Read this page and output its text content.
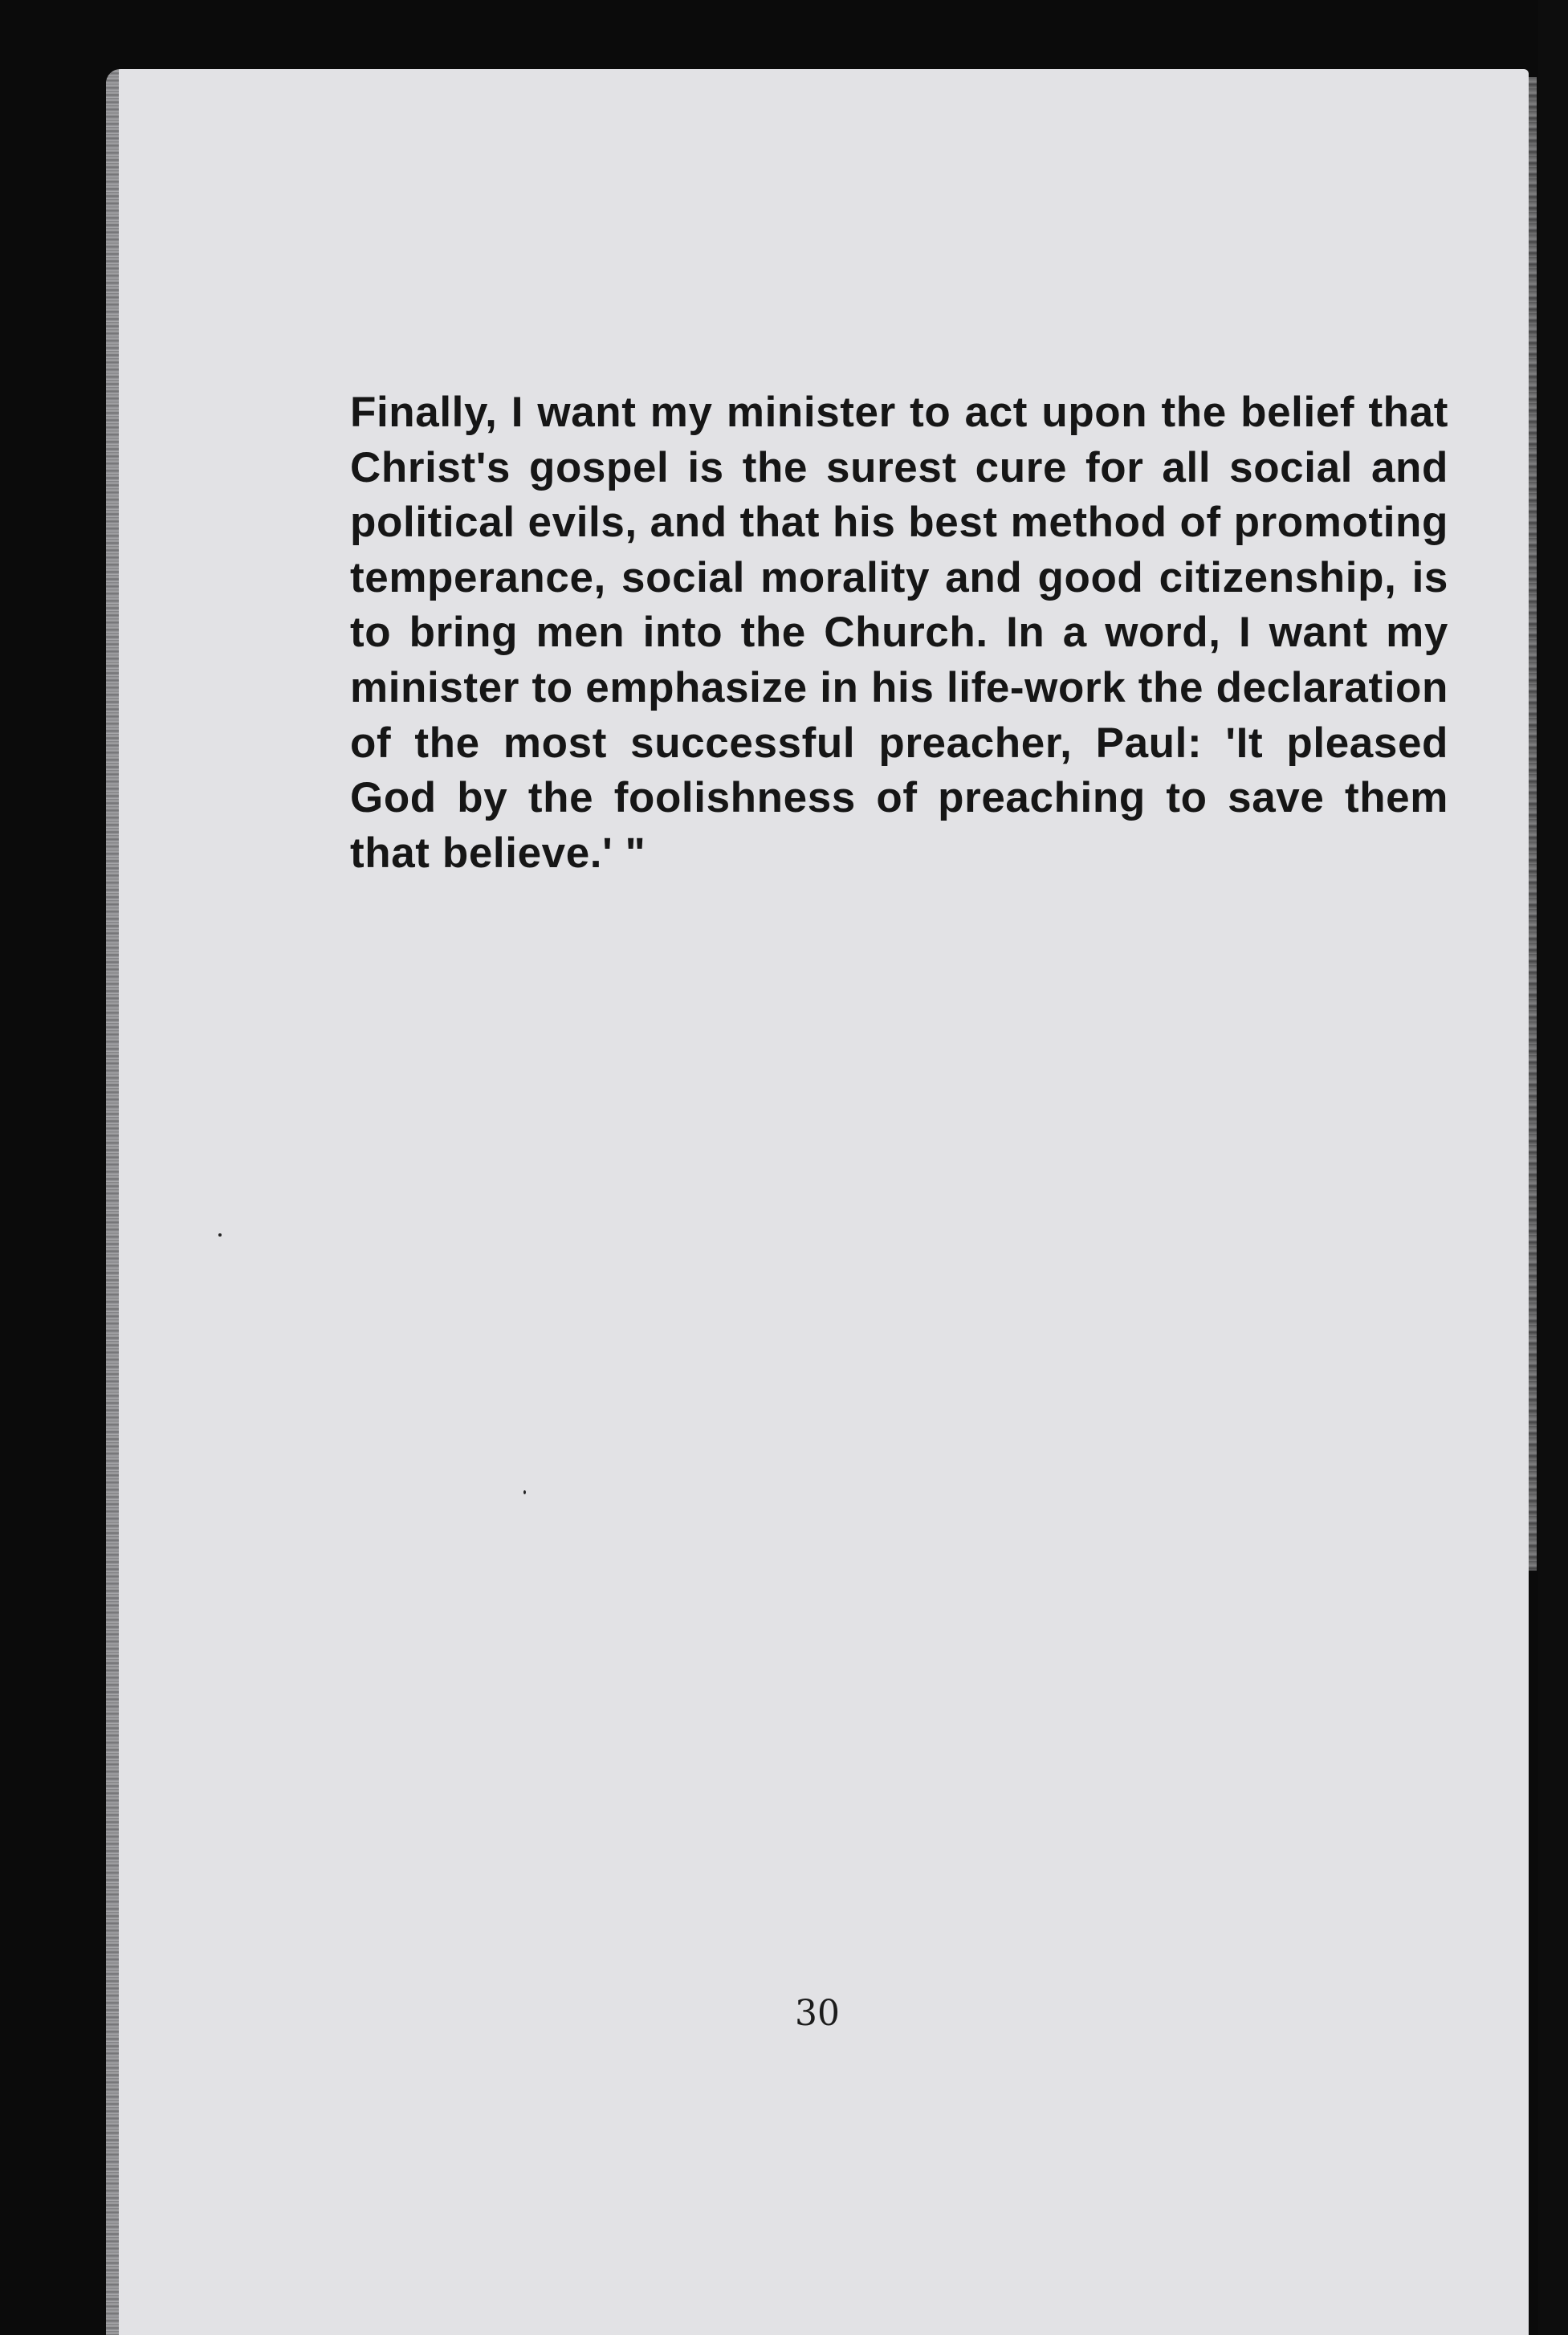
Finally, I want my minister to act upon the belief that Christ's gospel is the surest cure for all social and political evils, and that his best method of promoting temperance, social morality and good citizenship, is to bring men into the Church. In a word, I want my minister to emphasize in his life-work the declaration of the most successful preacher, Paul: 'It pleased God by the foolishness of preaching to save them that believe.' "

30
